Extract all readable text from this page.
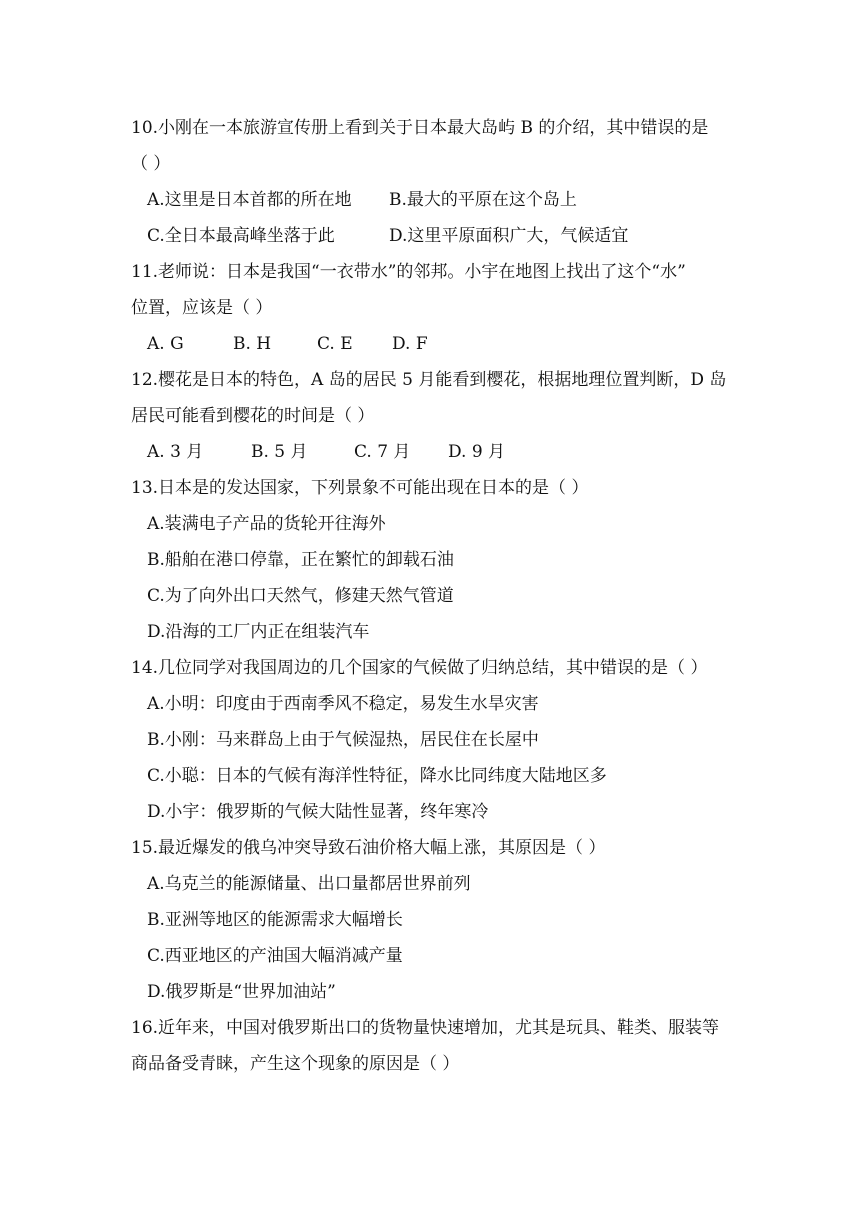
10.小刚在一本旅游宣传册上看到关于日本最大岛屿 B 的介绍，其中错误的是
（ ）
A.这里是日本首都的所在地 B.最大的平原在这个岛上
C.全日本最高峰坐落于此	D.这里平原面积广大，气候适宜
11.老师说：日本是我国“一衣带水”的邻邦。小宇在地图上找出了这个“水”
位置，应该是（ ）
A. G	B. H	C. E D. F
12.樱花是日本的特色，A 岛的居民 5 月能看到樱花，根据地理位置判断，D 岛
居民可能看到樱花的时间是（ ）
A. 3 月	B. 5 月	C. 7 月 D. 9 月
13.日本是的发达国家，下列景象不可能出现在日本的是（ ）
A.装满电子产品的货轮开往海外
B.船舶在港口停靠，正在繁忙的卸载石油
C.为了向外出口天然气，修建天然气管道
D.沿海的工厂内正在组装汽车
14.几位同学对我国周边的几个国家的气候做了归纳总结，其中错误的是（ ）
A.小明：印度由于西南季风不稳定，易发生水旱灾害
B.小刚：马来群岛上由于气候湿热，居民住在长屋中
C.小聪：日本的气候有海洋性特征，降水比同纬度大陆地区多
D.小宇：俄罗斯的气候大陆性显著，终年寒冷
15.最近爆发的俄乌冲突导致石油价格大幅上涨，其原因是（ ）
A.乌克兰的能源储量、出口量都居世界前列
B.亚洲等地区的能源需求大幅增长
C.西亚地区的产油国大幅消减产量
D.俄罗斯是“世界加油站”
16.近年来，中国对俄罗斯出口的货物量快速增加，尤其是玩具、鞋类、服装等
商品备受青睐，产生这个现象的原因是（ ）
